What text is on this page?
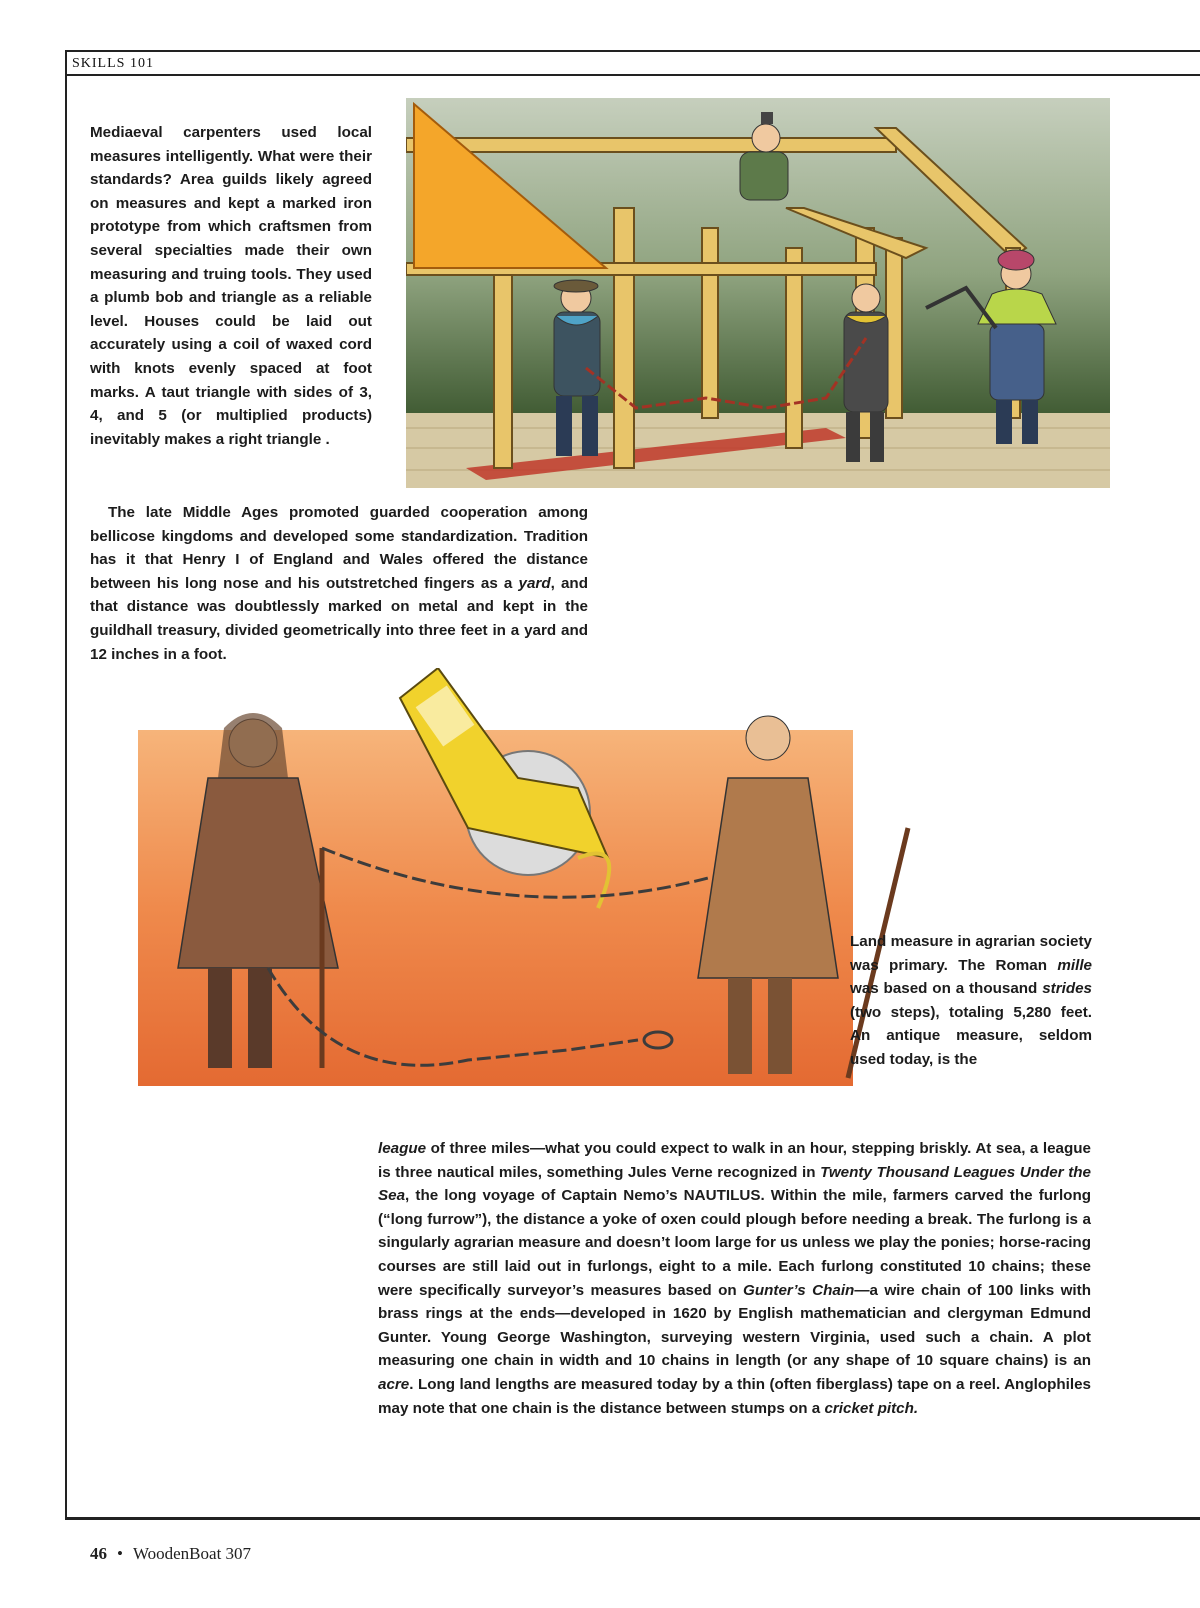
SKILLS 101

Mediaeval carpenters used local measures intelligently. What were their standards? Area guilds likely agreed on measures and kept a marked iron prototype from which craftsmen from several specialties made their own measuring and truing tools. They used a plumb bob and triangle as a reliable level. Houses could be laid out accurately using a coil of waxed cord with knots evenly spaced at foot marks. A taut triangle with sides of 3, 4, and 5 (or multiplied products) inevitably makes a right triangle .

The late Middle Ages promoted guarded cooperation among bellicose kingdoms and developed some standardization. Tradition has it that Henry I of England and Wales offered the distance between his long nose and his outstretched fingers as a yard, and that distance was doubtlessly marked on metal and kept in the guildhall treasury, divided geometrically into three feet in a yard and 12 inches in a foot.

Land measure in agrarian society was primary. The Roman mille was based on a thousand strides (two steps), totaling 5,280 feet. An antique measure, seldom used today, is the

league of three miles—what you could expect to walk in an hour, stepping briskly. At sea, a league is three nautical miles, something Jules Verne recognized in Twenty Thousand Leagues Under the Sea, the long voyage of Captain Nemo’s NAUTILUS. Within the mile, farmers carved the furlong (“long furrow”), the distance a yoke of oxen could plough before needing a break. The furlong is a singularly agrarian measure and doesn’t loom large for us unless we play the ponies; horse-racing courses are still laid out in furlongs, eight to a mile. Each furlong constituted 10 chains; these were specifically surveyor’s measures based on Gunter’s Chain—a wire chain of 100 links with brass rings at the ends—developed in 1620 by English mathematician and clergyman Edmund Gunter. Young George Washington, surveying western Virginia, used such a chain. A plot measuring one chain in width and 10 chains in length (or any shape of 10 square chains) is an acre. Long land lengths are measured today by a thin (often fiberglass) tape on a reel. Anglophiles may note that one chain is the distance between stumps on a cricket pitch.

46 • WoodenBoat 307
